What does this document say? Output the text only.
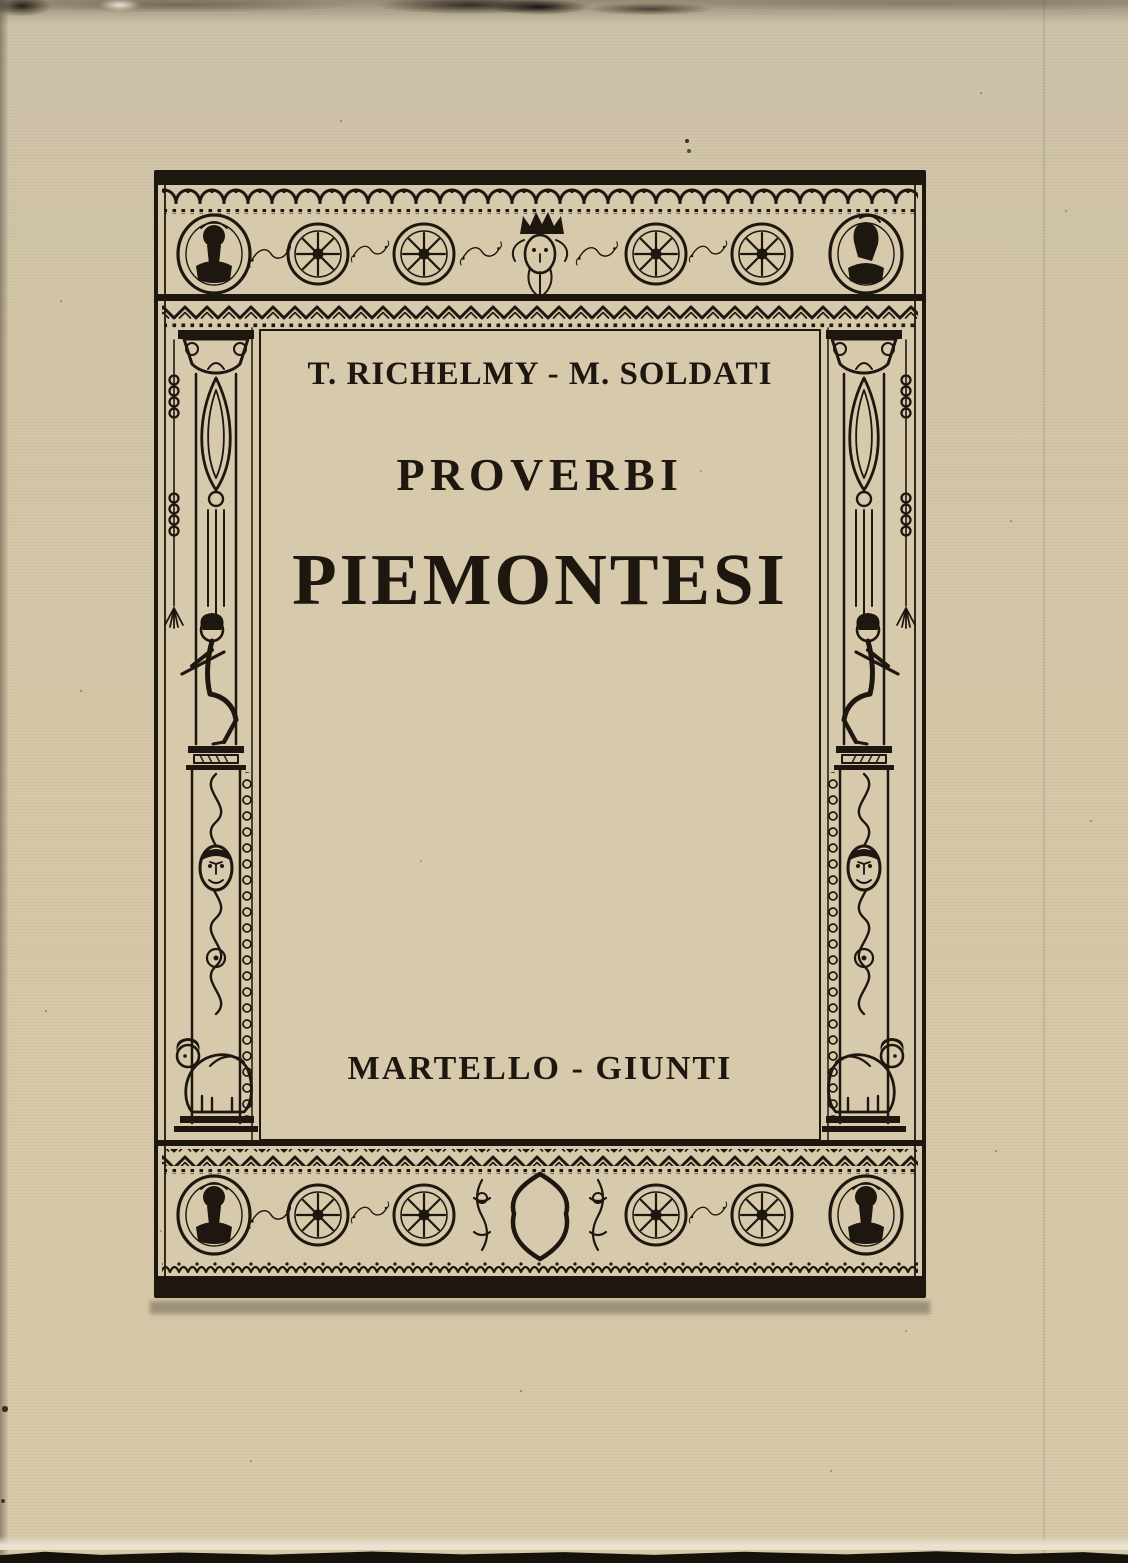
T. RICHELMY - M. SOLDATI
PROVERBI
PIEMONTESI
MARTELLO - GIUNTI
